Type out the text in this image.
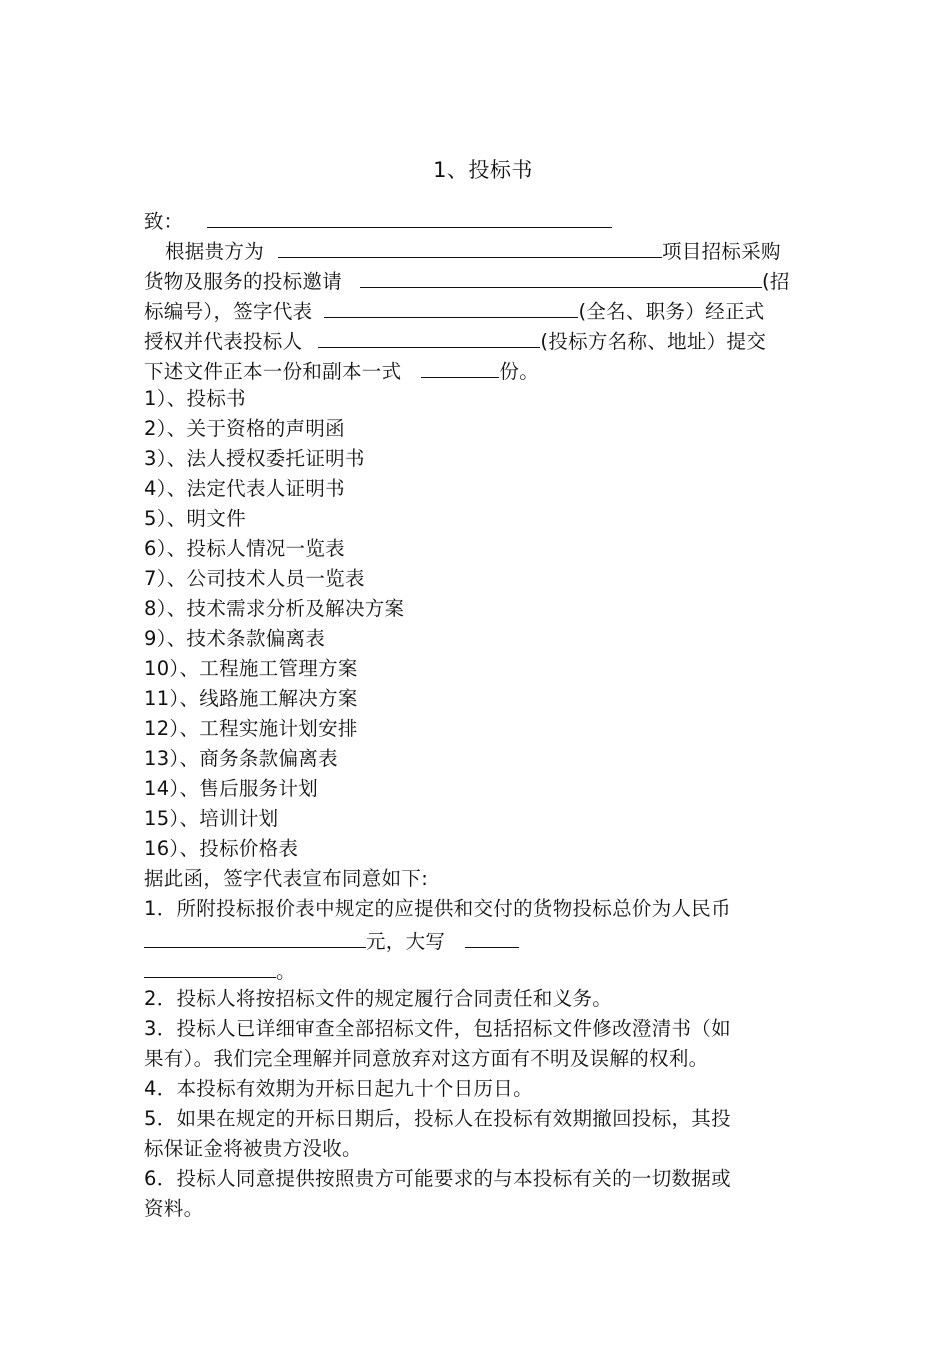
1、投标书
致：
根据贵方为	项目招标采购
货物及服务的投标邀请	(招
标编号），签字代表	(全名、职务）经正式
授权并代表投标人	(投标方名称、地址）提交
下述文件正本一份和副本一式	份。
1）、投标书
2）、关于资格的声明函
3）、法人授权委托证明书
4）、法定代表人证明书
5）、明文件
6）、投标人情况一览表
7）、公司技术人员一览表
8）、技术需求分析及解决方案
9）、技术条款偏离表
10）、工程施工管理方案
11）、线路施工解决方案
12）、工程实施计划安排
13）、商务条款偏离表
14）、售后服务计划
15）、培训计划
16）、投标价格表
据此函，签字代表宣布同意如下:
1．所附投标报价表中规定的应提供和交付的货物投标总价为人民币
元，大写
。
2．投标人将按招标文件的规定履行合同责任和义务。
3．投标人已详细审查全部招标文件，包括招标文件修改澄清书（如
果有）。我们完全理解并同意放弃对这方面有不明及误解的权利。
4．本投标有效期为开标日起九十个日历日。
5．如果在规定的开标日期后，投标人在投标有效期撤回投标，其投
标保证金将被贵方没收。
6．投标人同意提供按照贵方可能要求的与本投标有关的一切数据或
资料。
